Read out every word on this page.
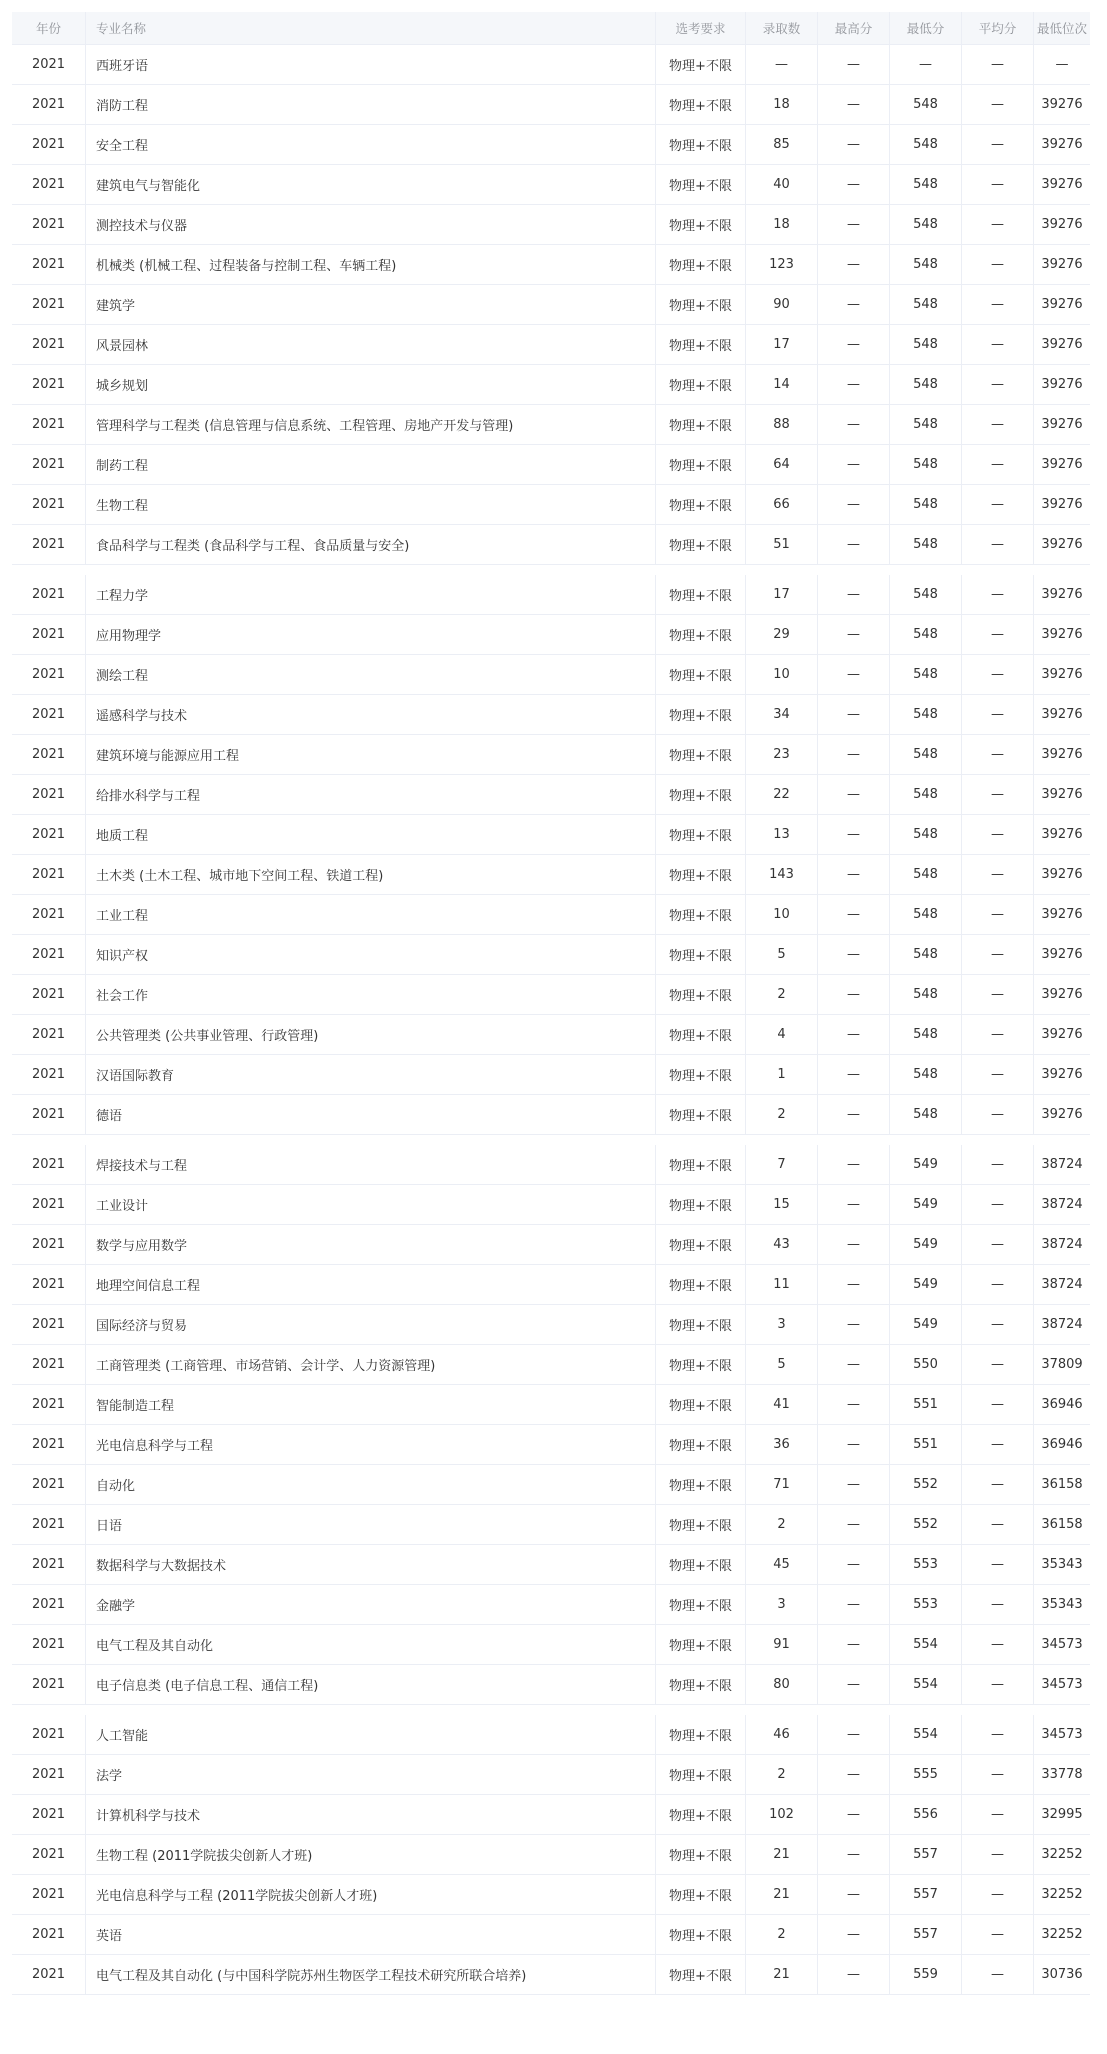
年份	专业名称	选考要求	录取数	最高分	最低分	平均分	最低位次
2021	西班牙语	物理+不限	—	—	—	—	—
2021	消防工程	物理+不限	18	—	548	—	39276
2021	安全工程	物理+不限	85	—	548	—	39276
2021	建筑电气与智能化	物理+不限	40	—	548	—	39276
2021	测控技术与仪器	物理+不限	18	—	548	—	39276
2021	机械类 (机械工程、过程装备与控制工程、车辆工程)	物理+不限	123	—	548	—	39276
2021	建筑学	物理+不限	90	—	548	—	39276
2021	风景园林	物理+不限	17	—	548	—	39276
2021	城乡规划	物理+不限	14	—	548	—	39276
2021	管理科学与工程类 (信息管理与信息系统、工程管理、房地产开发与管理)	物理+不限	88	—	548	—	39276
2021	制药工程	物理+不限	64	—	548	—	39276
2021	生物工程	物理+不限	66	—	548	—	39276
2021	食品科学与工程类 (食品科学与工程、食品质量与安全)	物理+不限	51	—	548	—	39276
2021	工程力学	物理+不限	17	—	548	—	39276
2021	应用物理学	物理+不限	29	—	548	—	39276
2021	测绘工程	物理+不限	10	—	548	—	39276
2021	遥感科学与技术	物理+不限	34	—	548	—	39276
2021	建筑环境与能源应用工程	物理+不限	23	—	548	—	39276
2021	给排水科学与工程	物理+不限	22	—	548	—	39276
2021	地质工程	物理+不限	13	—	548	—	39276
2021	土木类 (土木工程、城市地下空间工程、铁道工程)	物理+不限	143	—	548	—	39276
2021	工业工程	物理+不限	10	—	548	—	39276
2021	知识产权	物理+不限	5	—	548	—	39276
2021	社会工作	物理+不限	2	—	548	—	39276
2021	公共管理类 (公共事业管理、行政管理)	物理+不限	4	—	548	—	39276
2021	汉语国际教育	物理+不限	1	—	548	—	39276
2021	德语	物理+不限	2	—	548	—	39276
2021	焊接技术与工程	物理+不限	7	—	549	—	38724
2021	工业设计	物理+不限	15	—	549	—	38724
2021	数学与应用数学	物理+不限	43	—	549	—	38724
2021	地理空间信息工程	物理+不限	11	—	549	—	38724
2021	国际经济与贸易	物理+不限	3	—	549	—	38724
2021	工商管理类 (工商管理、市场营销、会计学、人力资源管理)	物理+不限	5	—	550	—	37809
2021	智能制造工程	物理+不限	41	—	551	—	36946
2021	光电信息科学与工程	物理+不限	36	—	551	—	36946
2021	自动化	物理+不限	71	—	552	—	36158
2021	日语	物理+不限	2	—	552	—	36158
2021	数据科学与大数据技术	物理+不限	45	—	553	—	35343
2021	金融学	物理+不限	3	—	553	—	35343
2021	电气工程及其自动化	物理+不限	91	—	554	—	34573
2021	电子信息类 (电子信息工程、通信工程)	物理+不限	80	—	554	—	34573
2021	人工智能	物理+不限	46	—	554	—	34573
2021	法学	物理+不限	2	—	555	—	33778
2021	计算机科学与技术	物理+不限	102	—	556	—	32995
2021	生物工程 (2011学院拔尖创新人才班)	物理+不限	21	—	557	—	32252
2021	光电信息科学与工程 (2011学院拔尖创新人才班)	物理+不限	21	—	557	—	32252
2021	英语	物理+不限	2	—	557	—	32252
2021	电气工程及其自动化 (与中国科学院苏州生物医学工程技术研究所联合培养)	物理+不限	21	—	559	—	30736
